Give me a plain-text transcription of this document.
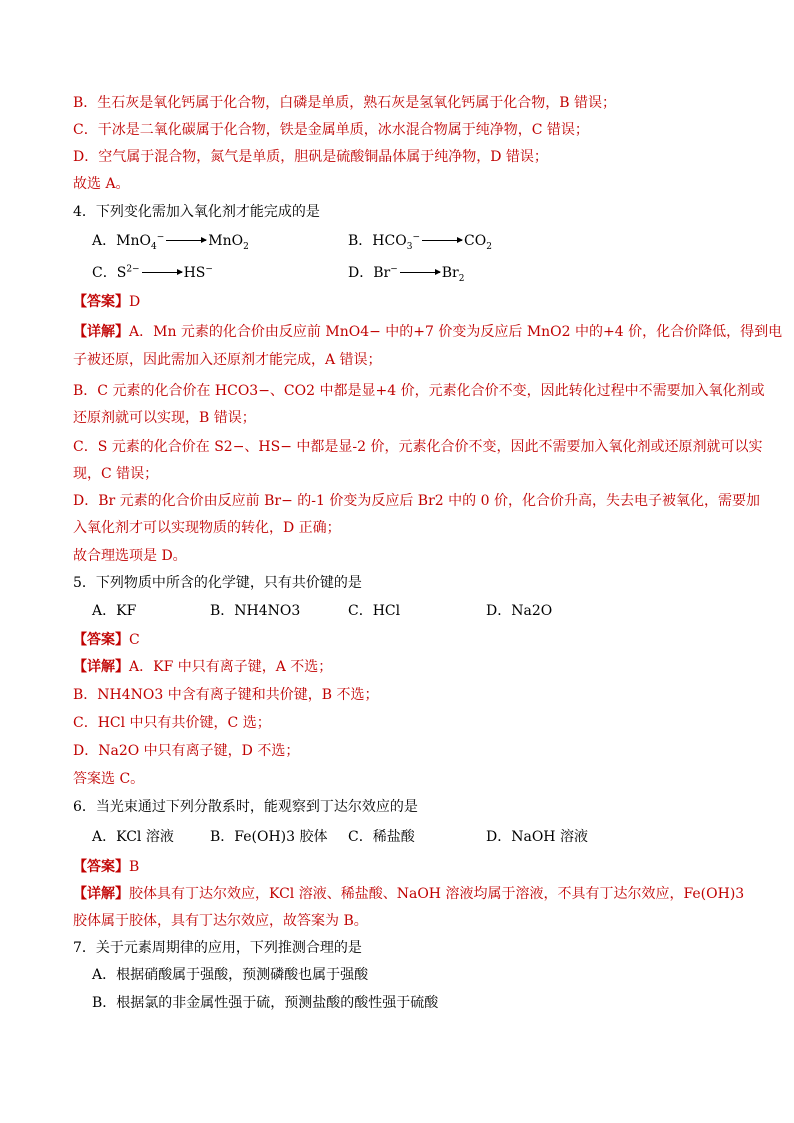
B．生石灰是氧化钙属于化合物，白磷是单质，熟石灰是氢氧化钙属于化合物，B 错误；
C．干冰是二氧化碳属于化合物，铁是金属单质，冰水混合物属于纯净物，C 错误；
D．空气属于混合物，氮气是单质，胆矾是硫酸铜晶体属于纯净物，D 错误；
故选 A。
4．下列变化需加入氧化剂才能完成的是
A．MnO$_4$− → MnO$_2$	B．$HCO_3^- \to CO_2$
C．$S^{2-} \to HS^-$	D．$Br^- \to Br_2$
【答案】D
【详解】A．Mn 元素的化合价由反应前 MnO4− 中的+7 价变为反应后 MnO2 中的+4 价，化合价降低，得到电
子被还原，因此需加入还原剂才能完成，A 错误；
B．C 元素的化合价在 HCO3−、CO2 中都是显+4 价，元素化合价不变，因此转化过程中不需要加入氧化剂或
还原剂就可以实现，B 错误；
C．S 元素的化合价在 S2−、HS− 中都是显-2 价，元素化合价不变，因此不需要加入氧化剂或还原剂就可以实
现，C 错误；
D．Br 元素的化合价由反应前 Br− 的-1 价变为反应后 Br2 中的 0 价，化合价升高，失去电子被氧化，需要加
入氧化剂才可以实现物质的转化，D 正确；
故合理选项是 D。
5．下列物质中所含的化学键，只有共价键的是
A．KF	B．NH4NO3	C．HCl	D．Na2O
【答案】C
【详解】A．KF 中只有离子键，A 不选；
B．NH4NO3 中含有离子键和共价键，B 不选；
C．HCl 中只有共价键，C 选；
D．Na2O 中只有离子键，D 不选；
答案选 C。
6．当光束通过下列分散系时，能观察到丁达尔效应的是
A．KCl 溶液	B．Fe(OH)3 胶体 C．稀盐酸	D．NaOH 溶液
【答案】B
【详解】胶体具有丁达尔效应，KCl 溶液、稀盐酸、NaOH 溶液均属于溶液，不具有丁达尔效应，Fe(OH)3
胶体属于胶体，具有丁达尔效应，故答案为 B。
7．关于元素周期律的应用，下列推测合理的是
A．根据硝酸属于强酸，预测磷酸也属于强酸
B．根据氯的非金属性强于硫，预测盐酸的酸性强于硫酸
